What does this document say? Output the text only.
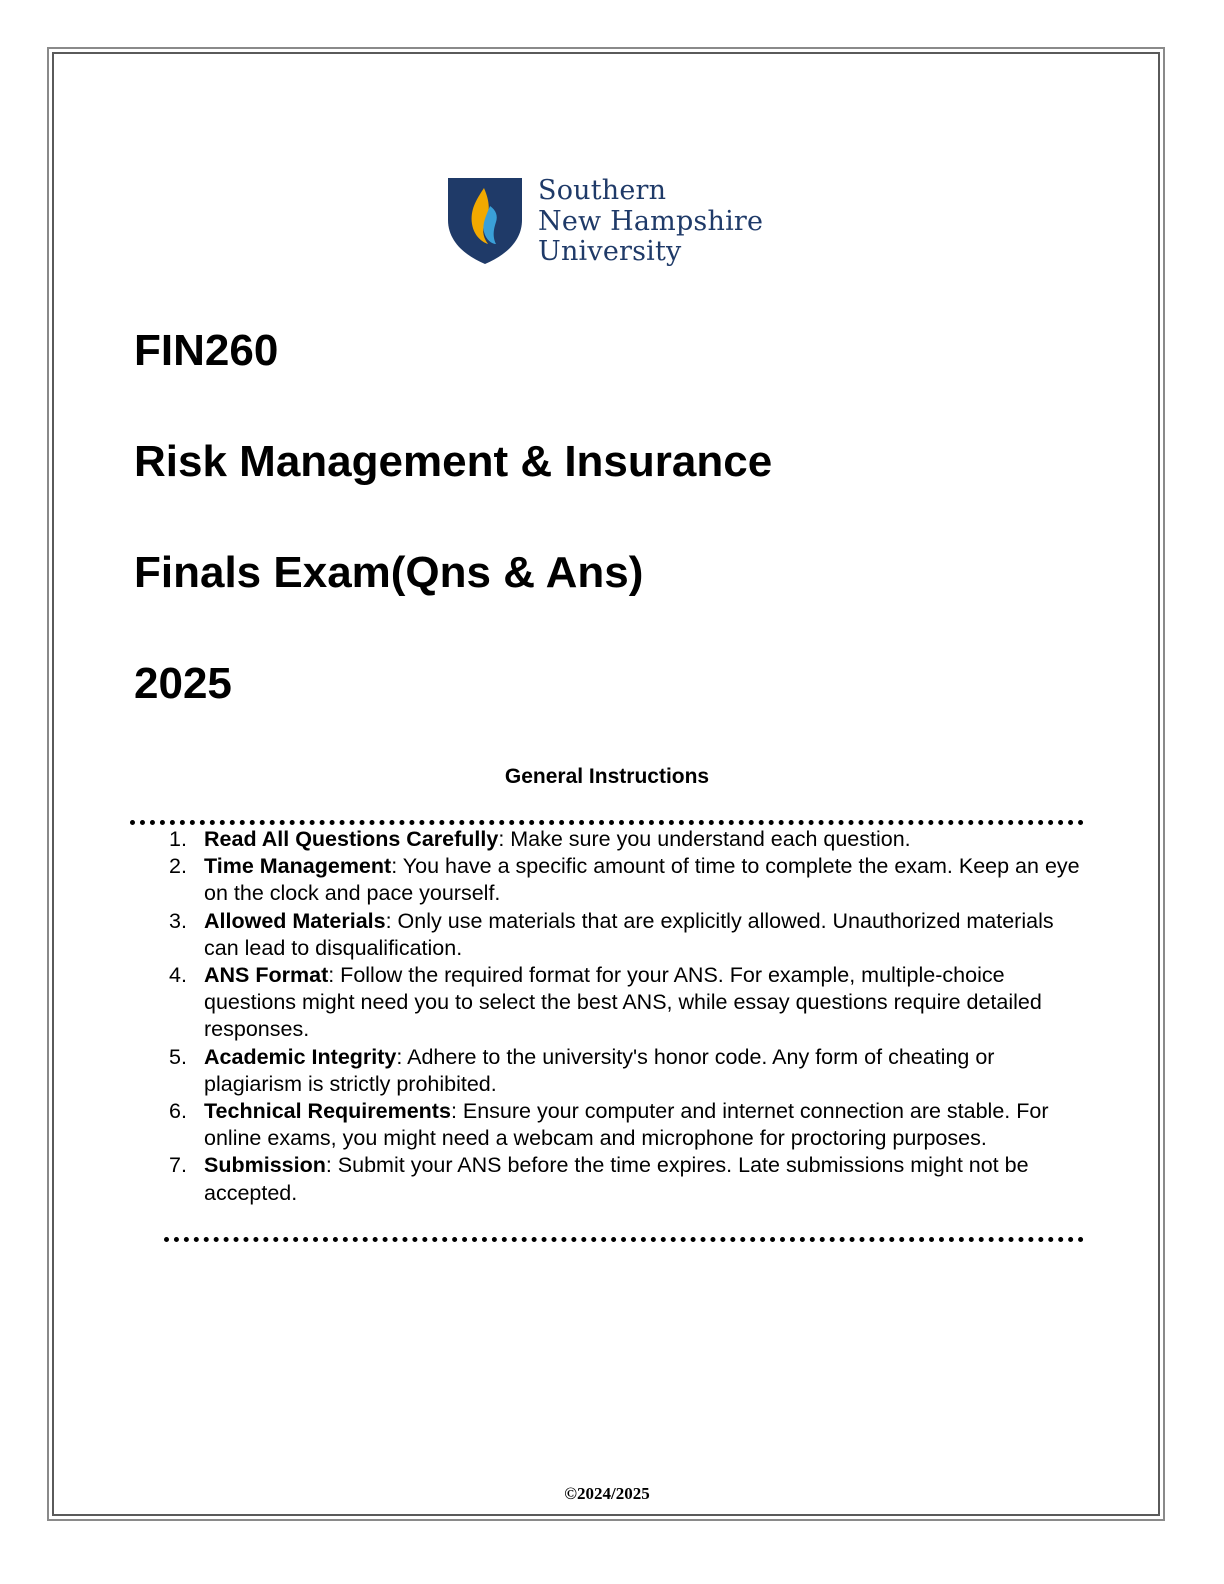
Southern
New Hampshire
University
FIN260
Risk Management & Insurance
Finals Exam(Qns & Ans)
2025
General Instructions
1. Read All Questions Carefully: Make sure you understand each question.
2. Time Management: You have a specific amount of time to complete the exam. Keep an eye on the clock and pace yourself.
3. Allowed Materials: Only use materials that are explicitly allowed. Unauthorized materials can lead to disqualification.
4. ANS Format: Follow the required format for your ANS. For example, multiple-choice questions might need you to select the best ANS, while essay questions require detailed responses.
5. Academic Integrity: Adhere to the university's honor code. Any form of cheating or plagiarism is strictly prohibited.
6. Technical Requirements: Ensure your computer and internet connection are stable. For online exams, you might need a webcam and microphone for proctoring purposes.
7. Submission: Submit your ANS before the time expires. Late submissions might not be accepted.
©2024/2025
